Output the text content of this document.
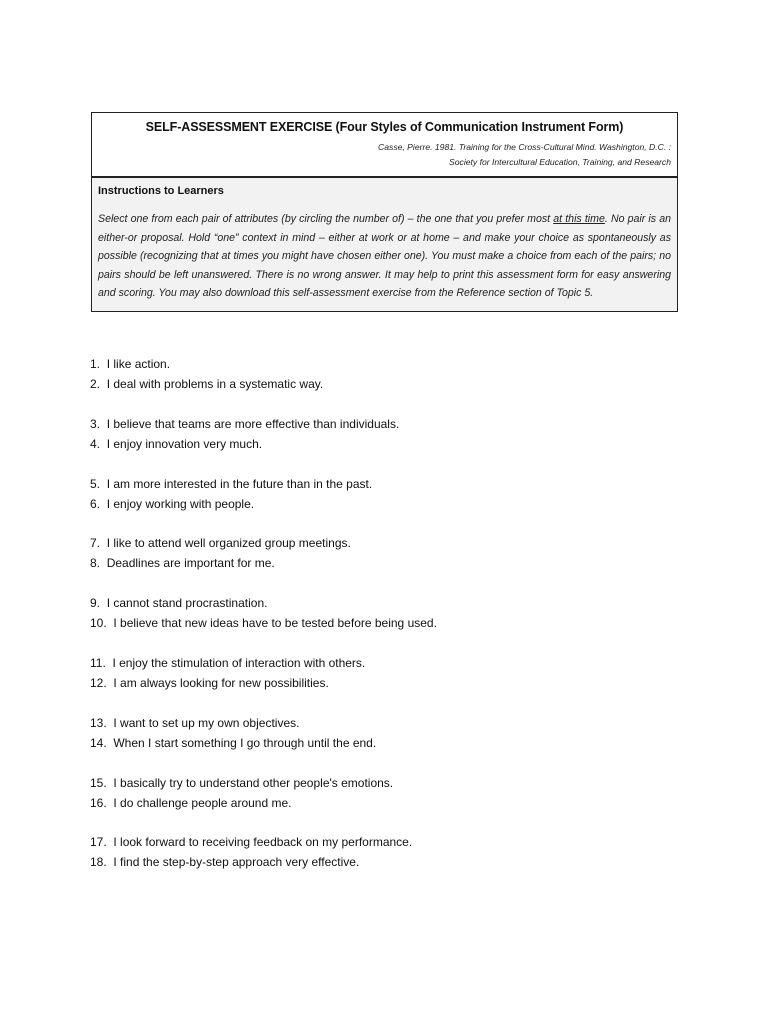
SELF-ASSESSMENT EXERCISE (Four Styles of Communication Instrument Form)
Casse, Pierre. 1981. Training for the Cross-Cultural Mind. Washington, D.C. :
Society for Intercultural Education, Training, and Research
Instructions to Learners
Select one from each pair of attributes (by circling the number of) – the one that you prefer most at this time. No pair is an either-or proposal. Hold “one” context in mind – either at work or at home – and make your choice as spontaneously as possible (recognizing that at times you might have chosen either one). You must make a choice from each of the pairs; no pairs should be left unanswered. There is no wrong answer. It may help to print this assessment form for easy answering and scoring. You may also download this self-assessment exercise from the Reference section of Topic 5.
1. I like action.
2. I deal with problems in a systematic way.
3. I believe that teams are more effective than individuals.
4. I enjoy innovation very much.
5. I am more interested in the future than in the past.
6. I enjoy working with people.
7. I like to attend well organized group meetings.
8. Deadlines are important for me.
9. I cannot stand procrastination.
10. I believe that new ideas have to be tested before being used.
11. I enjoy the stimulation of interaction with others.
12. I am always looking for new possibilities.
13. I want to set up my own objectives.
14. When I start something I go through until the end.
15. I basically try to understand other people's emotions.
16. I do challenge people around me.
17. I look forward to receiving feedback on my performance.
18. I find the step-by-step approach very effective.
